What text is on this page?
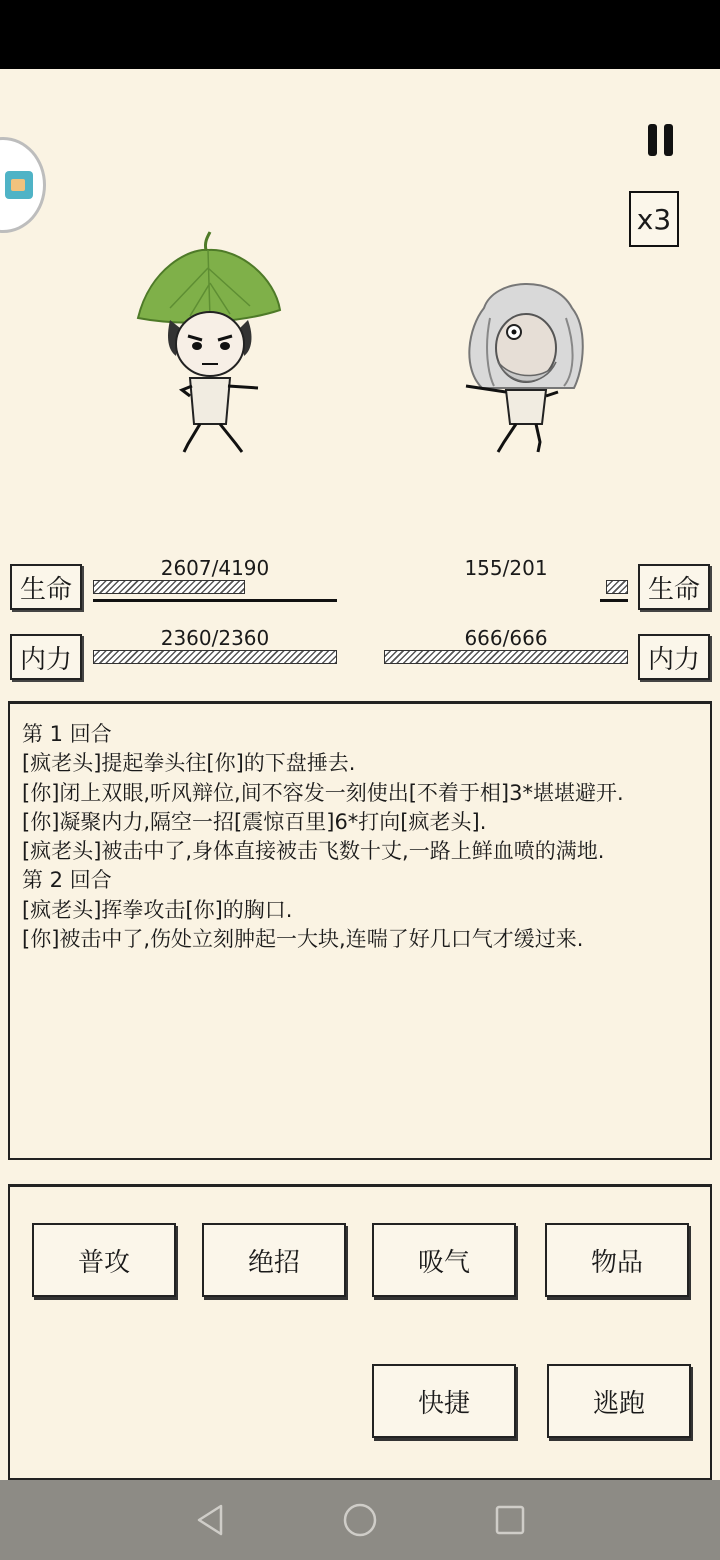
x3
生命
2607/4190
内力
2360/2360
生命
155/201
内力
666/666
第 1 回合
[疯老头]提起拳头往[你]的下盘捶去.
[你]闭上双眼,听风辩位,间不容发一刻使出[不着于相]3*堪堪避开.
[你]凝聚内力,隔空一招[震惊百里]6*打向[疯老头].
[疯老头]被击中了,身体直接被击飞数十丈,一路上鲜血喷的满地.
第 2 回合
[疯老头]挥拳攻击[你]的胸口.
[你]被击中了,伤处立刻肿起一大块,连喘了好几口气才缓过来.
普攻	绝招	吸气	物品
快捷	逃跑
